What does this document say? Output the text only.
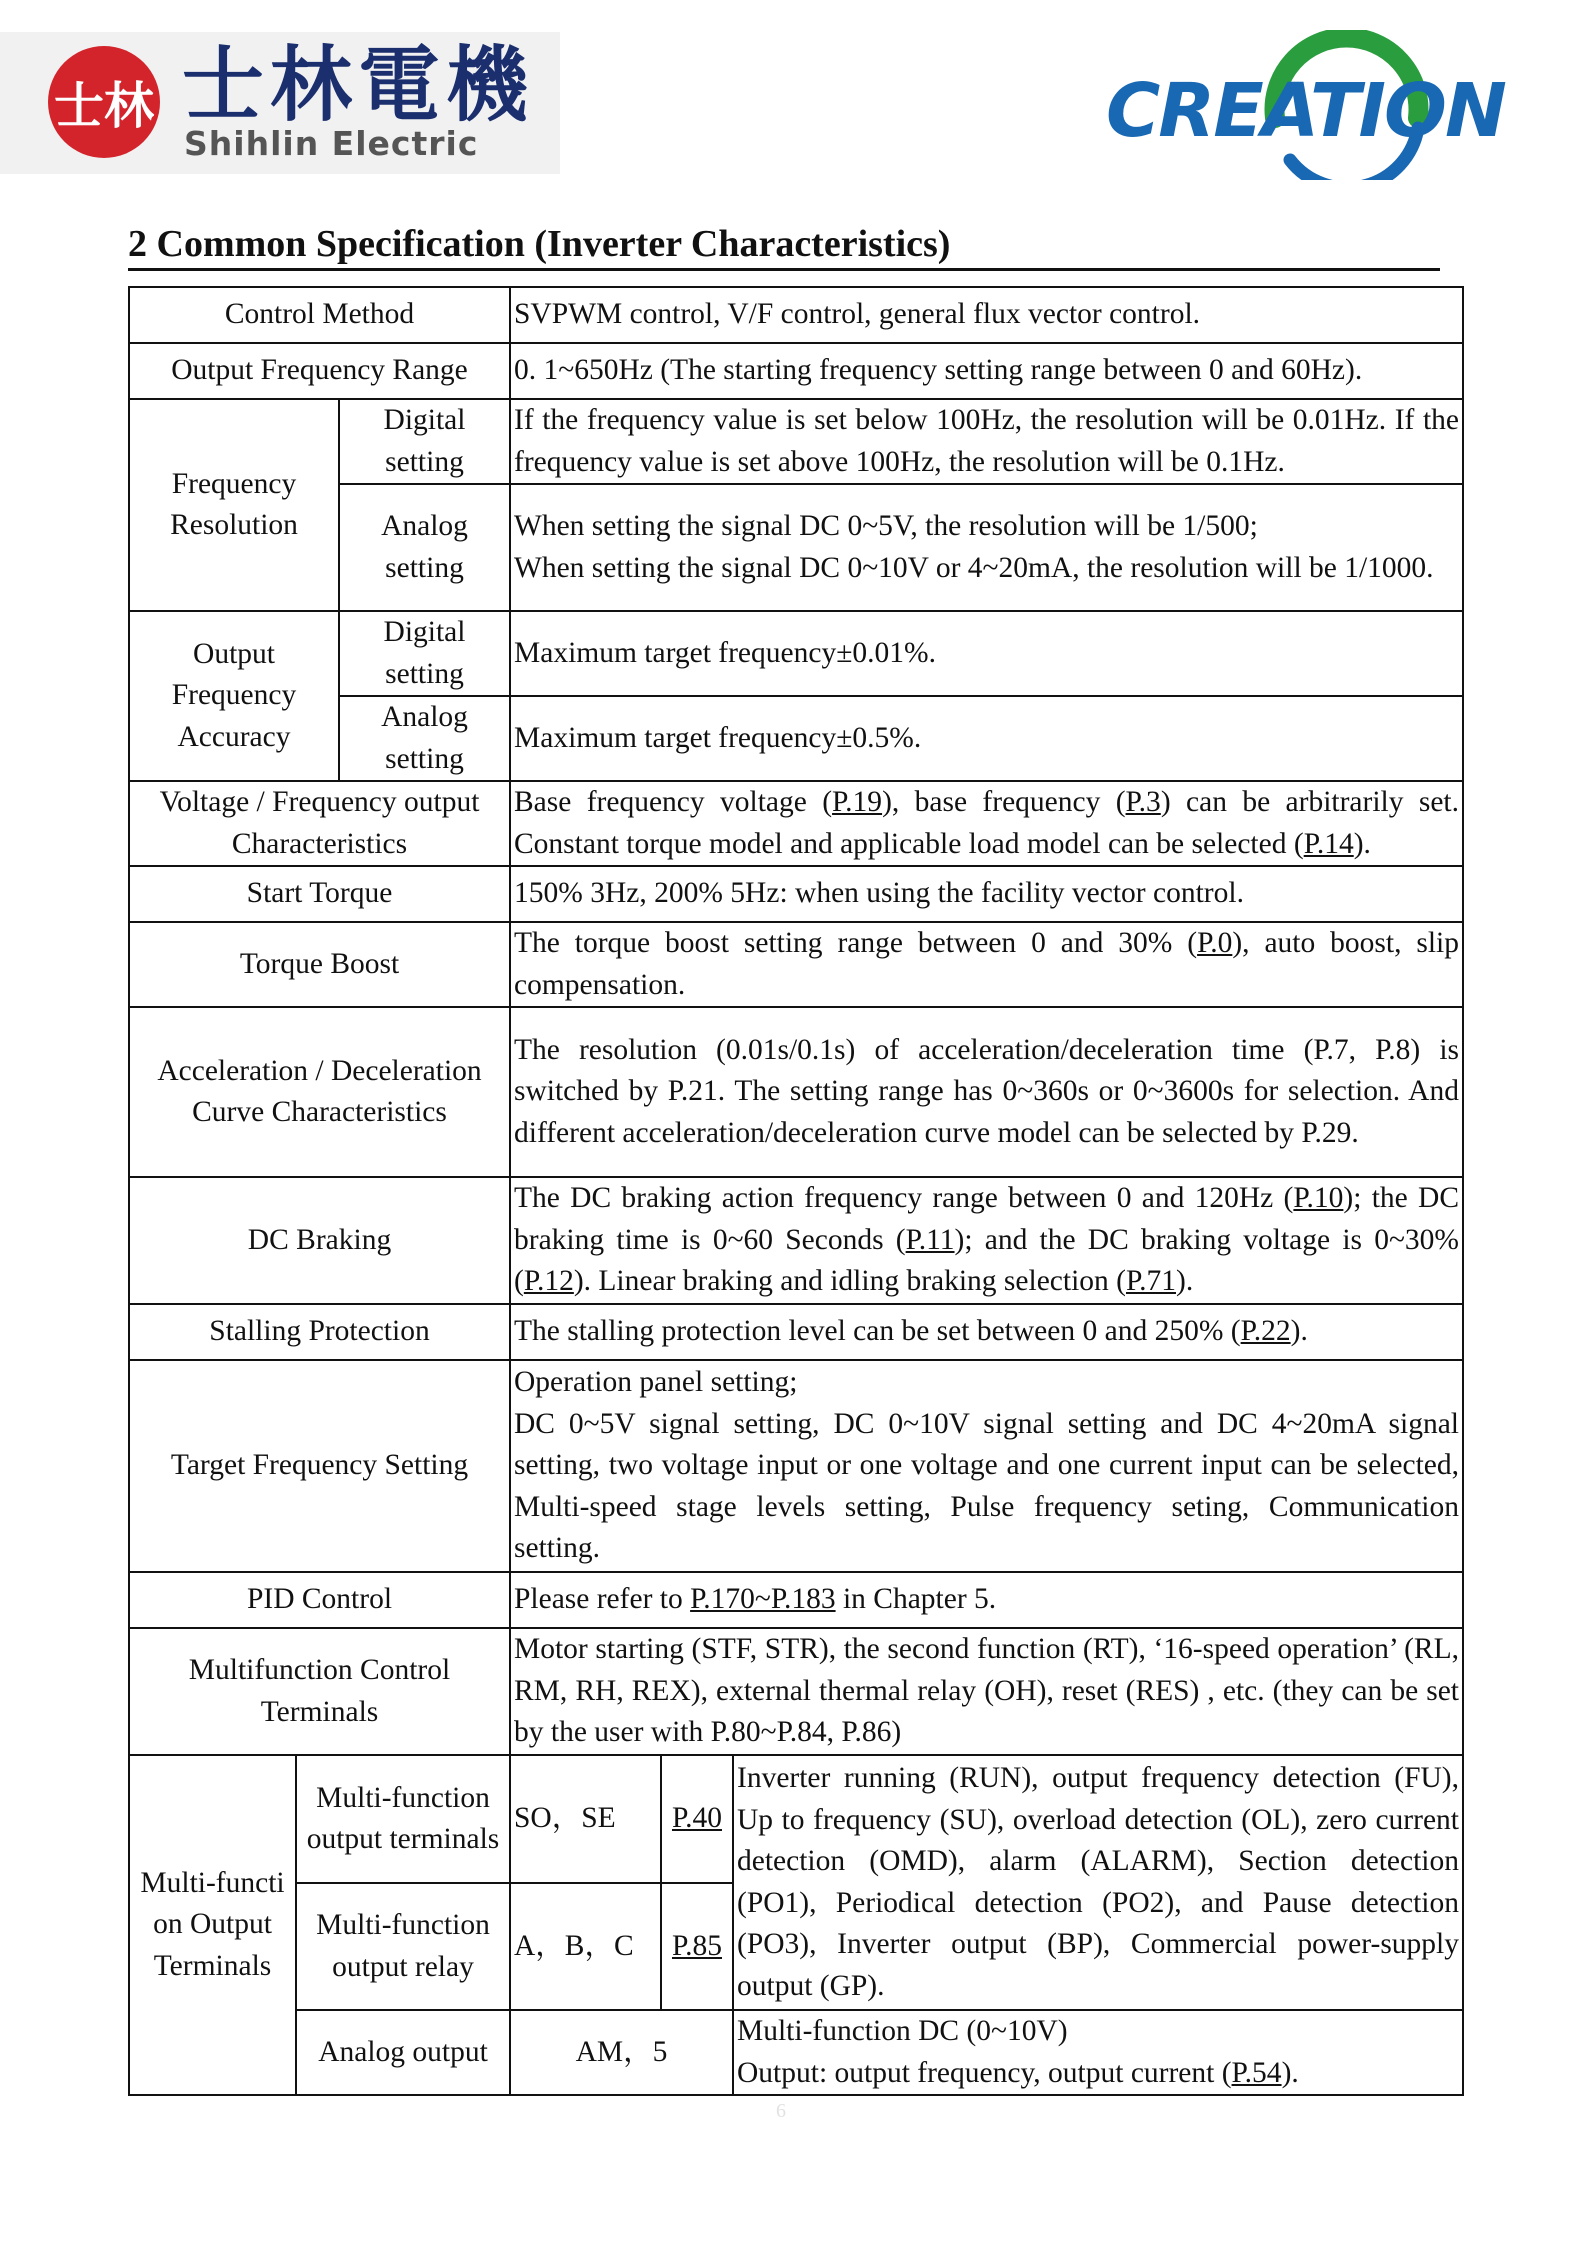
士林 士林電機
Shihlin Electric	CREATION
2 Common Specification (Inverter Characteristics)
Control Method			SVPWM control, V/F control, general flux vector control.		
Output Frequency Range			0. 1~650Hz (The starting frequency setting range between 0 and 60Hz).		
Frequency Resolution		Digital setting	If the frequency value is set below 100Hz, the resolution will be 0.01Hz. If the frequency value is set above 100Hz, the resolution will be 0.1Hz.		
		Analog setting	When setting the signal DC 0~5V, the resolution will be 1/500;
When setting the signal DC 0~10V or 4~20mA, the resolution will be 1/1000.		
Output Frequency Accuracy		Digital setting	Maximum target frequency±0.01%.		
		Analog setting	Maximum target frequency±0.5%.		
Voltage / Frequency output Characteristics			Base frequency voltage (P.19), base frequency (P.3) can be arbitrarily set. Constant torque model and applicable load model can be selected (P.14).		
Start Torque			150% 3Hz, 200% 5Hz: when using the facility vector control.		
Torque Boost			The torque boost setting range between 0 and 30% (P.0), auto boost, slip compensation.		
Acceleration / Deceleration Curve Characteristics			The resolution (0.01s/0.1s) of acceleration/deceleration time (P.7, P.8) is switched by P.21. The setting range has 0~360s or 0~3600s for selection. And different acceleration/deceleration curve model can be selected by P.29.		
DC Braking			The DC braking action frequency range between 0 and 120Hz (P.10); the DC braking time is 0~60 Seconds (P.11); and the DC braking voltage is 0~30% (P.12). Linear braking and idling braking selection (P.71).		
Stalling Protection			The stalling protection level can be set between 0 and 250% (P.22).		
Target Frequency Setting			Operation panel setting;
DC 0~5V signal setting, DC 0~10V signal setting and DC 4~20mA signal setting, two voltage input or one voltage and one current input can be selected, Multi-speed stage levels setting, Pulse frequency seting, Communication setting.		
PID Control			Please refer to P.170~P.183 in Chapter 5.		
Multifunction Control Terminals			Motor starting (STF, STR), the second function (RT), ‘16-speed operation’ (RL, RM, RH, REX), external thermal relay (OH), reset (RES) , etc. (they can be set by the user with P.80~P.84, P.86)		
Multi-functi on Output Terminals	Multi-function output terminals		SO，SE	P.40	Inverter running (RUN), output frequency detection (FU), Up to frequency (SU), overload detection (OL), zero current detection (OMD), alarm (ALARM), Section detection (PO1), Periodical detection (PO2), and Pause detection (PO3), Inverter output (BP), Commercial power-supply output (GP).
	Multi-function output relay		A，B，C	P.85	
	Analog output		AM，5		Multi-function DC (0~10V)
Output: output frequency, output current (P.54).
6
